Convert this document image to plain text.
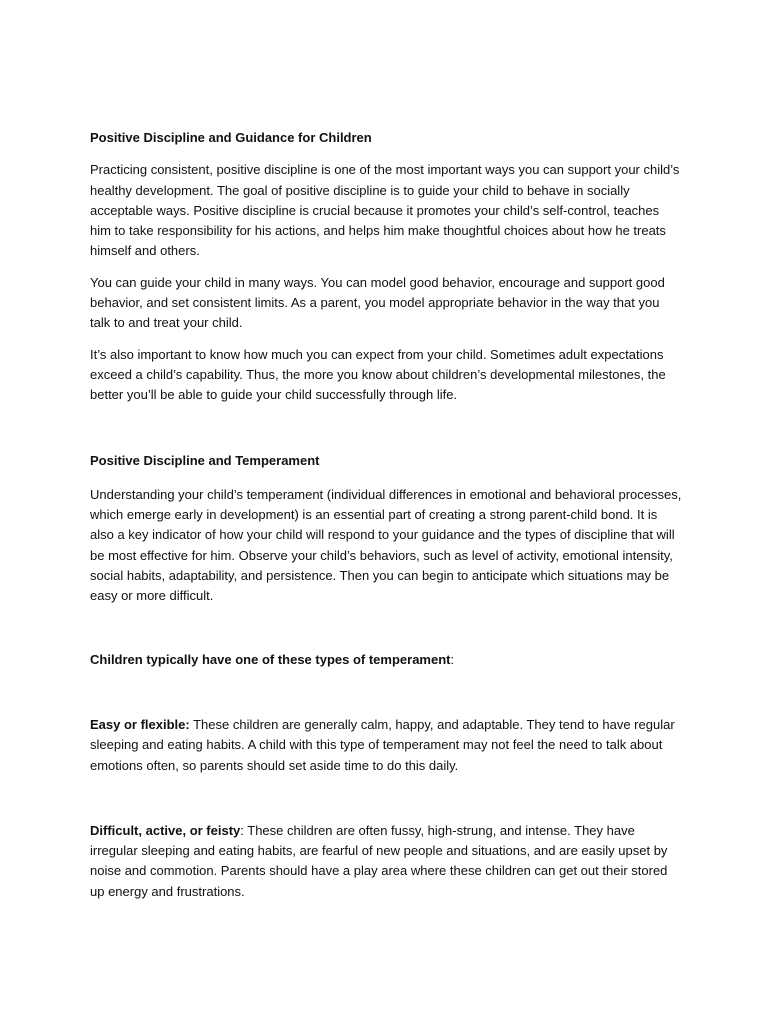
Positive Discipline and Guidance for Children

Practicing consistent, positive discipline is one of the most important ways you can support your child’s healthy development. The goal of positive discipline is to guide your child to behave in socially acceptable ways. Positive discipline is crucial because it promotes your child’s self-control, teaches him to take responsibility for his actions, and helps him make thoughtful choices about how he treats himself and others.

You can guide your child in many ways. You can model good behavior, encourage and support good behavior, and set consistent limits. As a parent, you model appropriate behavior in the way that you talk to and treat your child.

It’s also important to know how much you can expect from your child. Sometimes adult expectations exceed a child’s capability. Thus, the more you know about children’s developmental milestones, the better you’ll be able to guide your child successfully through life.

Positive Discipline and Temperament

Understanding your child’s temperament (individual differences in emotional and behavioral processes, which emerge early in development) is an essential part of creating a strong parent-child bond. It is also a key indicator of how your child will respond to your guidance and the types of discipline that will be most effective for him. Observe your child’s behaviors, such as level of activity, emotional intensity, social habits, adaptability, and persistence. Then you can begin to anticipate which situations may be easy or more difficult.

Children typically have one of these types of temperament:

Easy or flexible: These children are generally calm, happy, and adaptable. They tend to have regular sleeping and eating habits. A child with this type of temperament may not feel the need to talk about emotions often, so parents should set aside time to do this daily.

Difficult, active, or feisty: These children are often fussy, high-strung, and intense. They have irregular sleeping and eating habits, are fearful of new people and situations, and are easily upset by noise and commotion. Parents should have a play area where these children can get out their stored up energy and frustrations.
